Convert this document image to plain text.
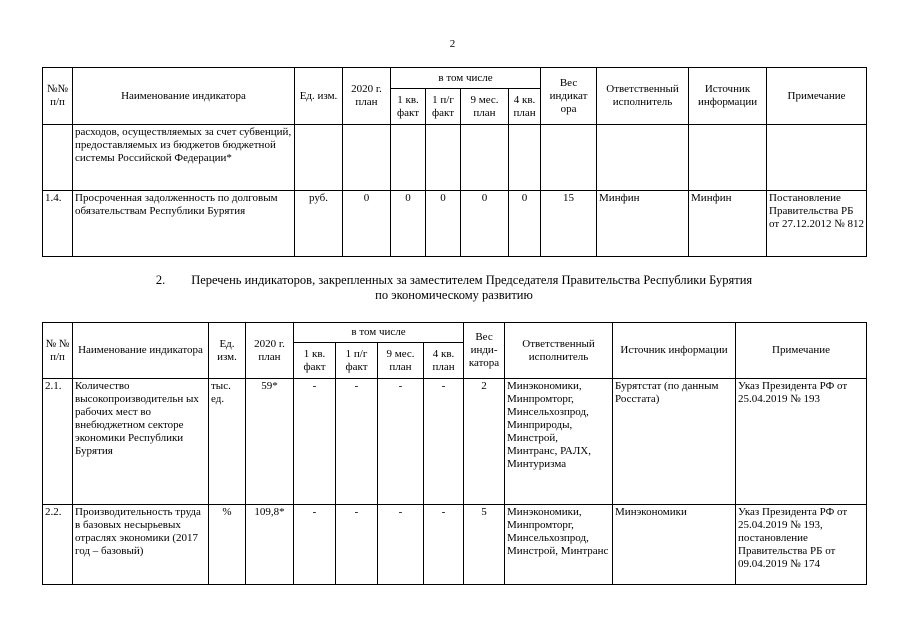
2
№№ п/п	Наименование индикатора	Ед. изм.	2020 г. план	в том числе				Вес индикат ора	Ответственный исполнитель	Источник информации	Примечание
				1 кв. факт	1 п/г факт	9 мес. план	4 кв. план				
	расходов, осуществляемых за счет субвенций, предоставляемых из бюджетов бюджетной системы Российской Федерации*										
1.4.	Просроченная задолженность по долговым обязательствам Республики Бурятия	руб.	0	0	0	0	0	15	Минфин	Минфин	Постановление Правительства РБ от 27.12.2012 № 812
2. Перечень индикаторов, закрепленных за заместителем Председателя Правительства Республики Бурятия
по экономическому развитию
№ № п/п	Наименование индикатора	Ед. изм.	2020 г. план	в том числе				Вес инди- катора	Ответственный исполнитель	Источник информации	Примечание
				1 кв. факт	1 п/г факт	9 мес. план	4 кв. план				
2.1.	Количество высокопроизводительн ых рабочих мест во внебюджетном секторе экономики Республики Бурятия	тыс. ед.	59*	-	-	-	-	2	Минэкономики, Минпромторг, Минсельхозпрод, Минприроды, Минстрой, Минтранс, РАЛХ, Минтуризма	Бурятстат (по данным Росстата)	Указ Президента РФ от 25.04.2019 № 193
2.2.	Производительность труда в базовых несырьевых отраслях экономики (2017 год – базовый)	%	109,8*	-	-	-	-	5	Минэкономики, Минпромторг, Минсельхозпрод, Минстрой, Минтранс	Минэкономики	Указ Президента РФ от 25.04.2019 № 193, постановление Правительства РБ от 09.04.2019 № 174
